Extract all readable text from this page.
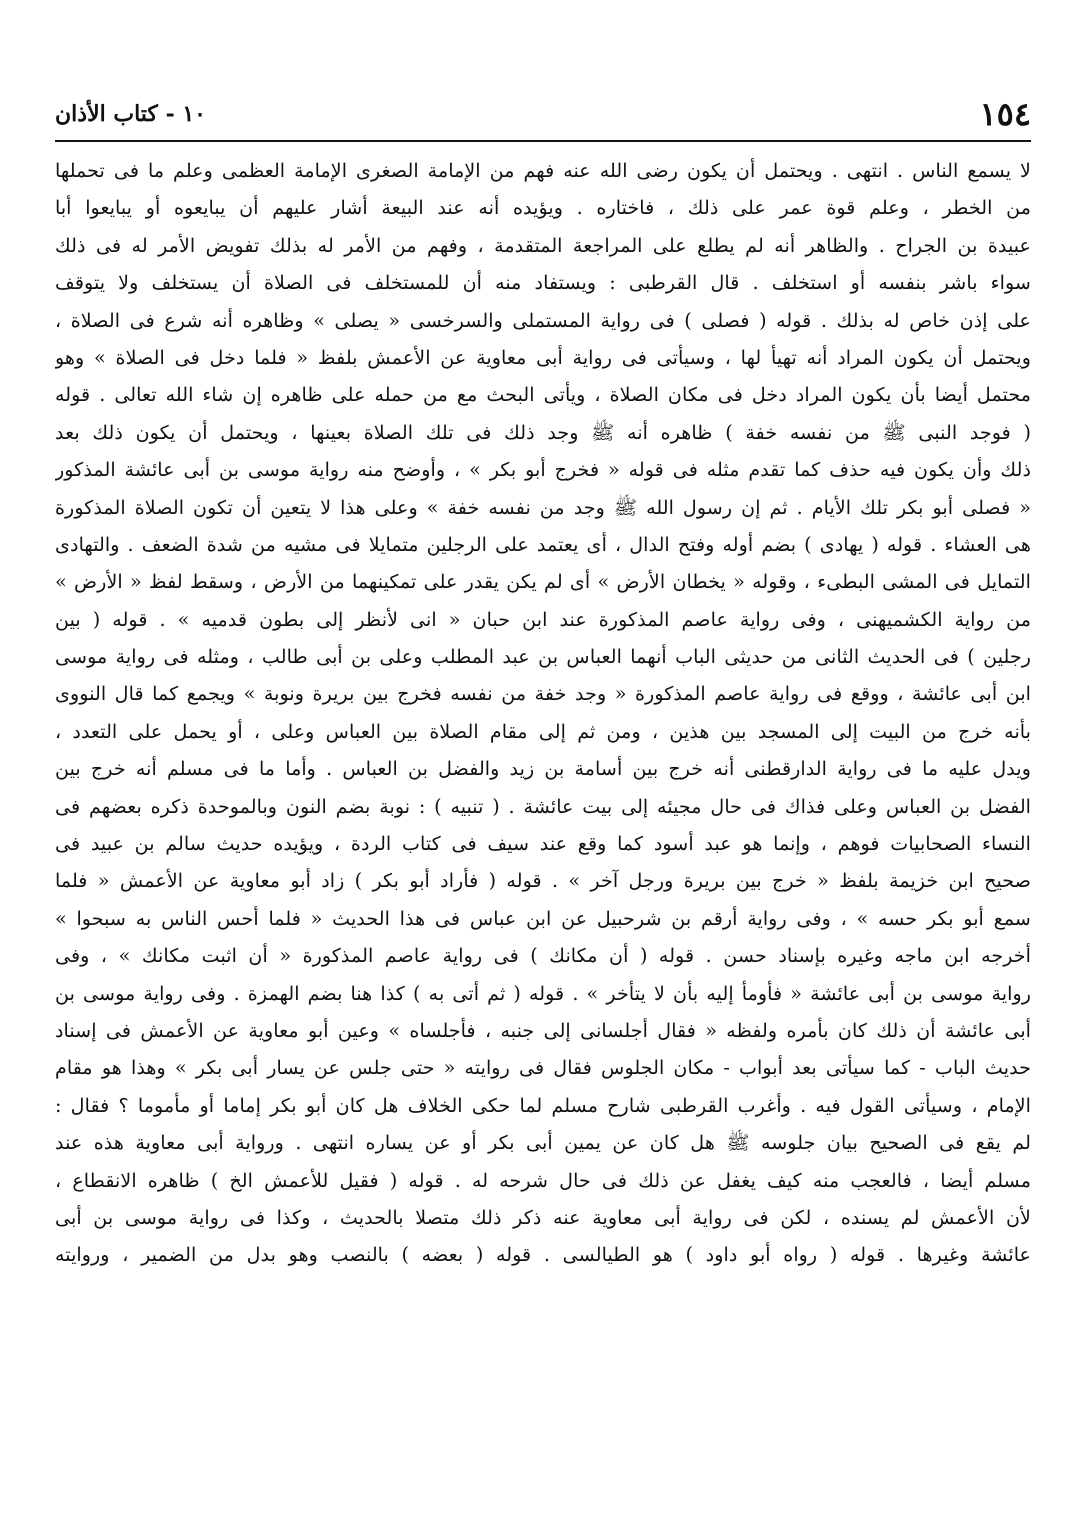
١٥٤
١٠ - كتاب الأذان
لا يسمع الناس . انتهى . ويحتمل أن يكون رضى الله عنه فهم من الإمامة الصغرى الإمامة العظمى وعلم ما فى تحملها
من الخطر ، وعلم قوة عمر على ذلك ، فاختاره . ويؤيده أنه عند البيعة أشار عليهم أن يبايعوه أو يبايعوا أبا
عبيدة بن الجراح . والظاهر أنه لم يطلع على المراجعة المتقدمة ، وفهم من الأمر له بذلك تفويض الأمر له فى ذلك
سواء باشر بنفسه أو استخلف . قال القرطبى : ويستفاد منه أن للمستخلف فى الصلاة أن يستخلف ولا يتوقف
على إذن خاص له بذلك . قوله ( فصلى ) فى رواية المستملى والسرخسى « يصلى » وظاهره أنه شرع فى الصلاة ،
ويحتمل أن يكون المراد أنه تهيأ لها ، وسيأتى فى رواية أبى معاوية عن الأعمش بلفظ « فلما دخل فى الصلاة » وهو
محتمل أيضا بأن يكون المراد دخل فى مكان الصلاة ، ويأتى البحث مع من حمله على ظاهره إن شاء الله تعالى . قوله
( فوجد النبى ﷺ من نفسه خفة ) ظاهره أنه ﷺ وجد ذلك فى تلك الصلاة بعينها ، ويحتمل أن يكون ذلك بعد
ذلك وأن يكون فيه حذف كما تقدم مثله فى قوله « فخرج أبو بكر » ، وأوضح منه رواية موسى بن أبى عائشة المذكور
« فصلى أبو بكر تلك الأيام . ثم إن رسول الله ﷺ وجد من نفسه خفة » وعلى هذا لا يتعين أن تكون الصلاة المذكورة
هى العشاء . قوله ( يهادى ) بضم أوله وفتح الدال ، أى يعتمد على الرجلين متمايلا فى مشيه من شدة الضعف . والتهادى
التمايل فى المشى البطىء ، وقوله « يخطان الأرض » أى لم يكن يقدر على تمكينهما من الأرض ، وسقط لفظ « الأرض »
من رواية الكشميهنى ، وفى رواية عاصم المذكورة عند ابن حبان « انى لأنظر إلى بطون قدميه » . قوله ( بين
رجلين ) فى الحديث الثانى من حديثى الباب أنهما العباس بن عبد المطلب وعلى بن أبى طالب ، ومثله فى رواية موسى
ابن أبى عائشة ، ووقع فى رواية عاصم المذكورة « وجد خفة من نفسه فخرج بين بريرة ونوبة » ويجمع كما قال النووى
بأنه خرج من البيت إلى المسجد بين هذين ، ومن ثم إلى مقام الصلاة بين العباس وعلى ، أو يحمل على التعدد ،
ويدل عليه ما فى رواية الدارقطنى أنه خرج بين أسامة بن زيد والفضل بن العباس . وأما ما فى مسلم أنه خرج بين
الفضل بن العباس وعلى فذاك فى حال مجيئه إلى بيت عائشة . ( تنبيه ) : نوبة بضم النون وبالموحدة ذكره بعضهم فى
النساء الصحابيات فوهم ، وإنما هو عبد أسود كما وقع عند سيف فى كتاب الردة ، ويؤيده حديث سالم بن عبيد فى
صحيح ابن خزيمة بلفظ « خرج بين بريرة ورجل آخر » . قوله ( فأراد أبو بكر ) زاد أبو معاوية عن الأعمش « فلما
سمع أبو بكر حسه » ، وفى رواية أرقم بن شرحبيل عن ابن عباس فى هذا الحديث « فلما أحس الناس به سبحوا »
أخرجه ابن ماجه وغيره بإسناد حسن . قوله ( أن مكانك ) فى رواية عاصم المذكورة « أن اثبت مكانك » ، وفى
رواية موسى بن أبى عائشة « فأومأ إليه بأن لا يتأخر » . قوله ( ثم أتى به ) كذا هنا بضم الهمزة . وفى رواية موسى بن
أبى عائشة أن ذلك كان بأمره ولفظه « فقال أجلسانى إلى جنبه ، فأجلساه » وعين أبو معاوية عن الأعمش فى إسناد
حديث الباب - كما سيأتى بعد أبواب - مكان الجلوس فقال فى روايته « حتى جلس عن يسار أبى بكر » وهذا هو مقام
الإمام ، وسيأتى القول فيه . وأغرب القرطبى شارح مسلم لما حكى الخلاف هل كان أبو بكر إماما أو مأموما ؟ فقال :
لم يقع فى الصحيح بيان جلوسه ﷺ هل كان عن يمين أبى بكر أو عن يساره انتهى . ورواية أبى معاوية هذه عند
مسلم أيضا ، فالعجب منه كيف يغفل عن ذلك فى حال شرحه له . قوله ( فقيل للأعمش الخ ) ظاهره الانقطاع ،
لأن الأعمش لم يسنده ، لكن فى رواية أبى معاوية عنه ذكر ذلك متصلا بالحديث ، وكذا فى رواية موسى بن أبى
عائشة وغيرها . قوله ( رواه أبو داود ) هو الطيالسى . قوله ( بعضه ) بالنصب وهو بدل من الضمير ، وروايته
